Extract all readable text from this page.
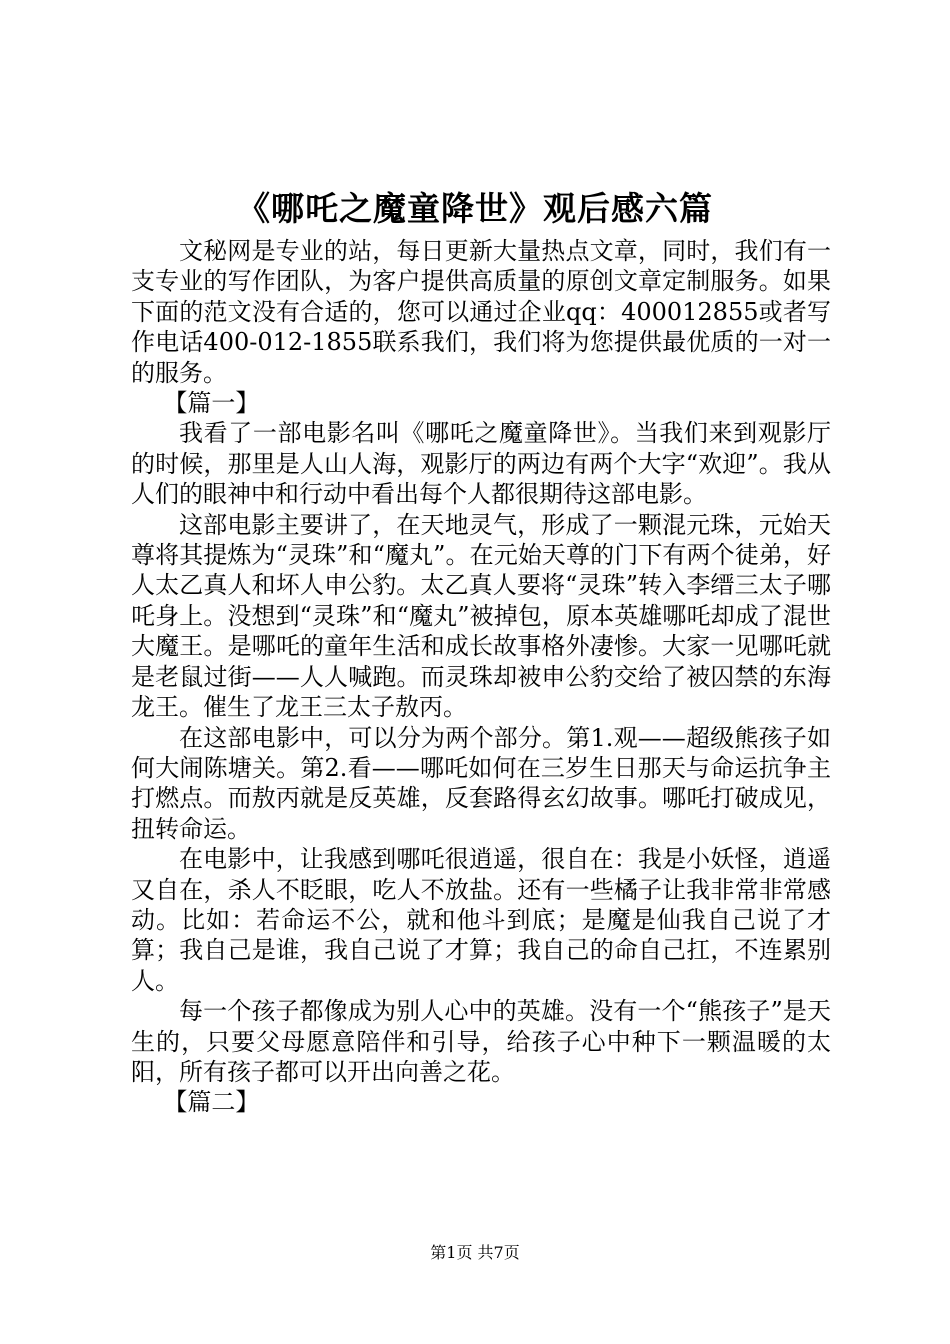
《哪吒之魔童降世》观后感六篇

文秘网是专业的站，每日更新大量热点文章，同时，我们有一支专业的写作团队，为客户提供高质量的原创文章定制服务。如果下面的范文没有合适的，您可以通过企业qq：400012855或者写作电话400-012-1855联系我们，我们将为您提供最优质的一对一的服务。

【篇一】

我看了一部电影名叫《哪吒之魔童降世》。当我们来到观影厅的时候，那里是人山人海，观影厅的两边有两个大字“欢迎”。我从人们的眼神中和行动中看出每个人都很期待这部电影。

这部电影主要讲了，在天地灵气，形成了一颗混元珠，元始天尊将其提炼为“灵珠”和“魔丸”。在元始天尊的门下有两个徒弟，好人太乙真人和坏人申公豹。太乙真人要将“灵珠”转入李缙三太子哪吒身上。没想到“灵珠”和“魔丸”被掉包，原本英雄哪吒却成了混世大魔王。是哪吒的童年生活和成长故事格外凄惨。大家一见哪吒就是老鼠过街——人人喊跑。而灵珠却被申公豹交给了被囚禁的东海龙王。催生了龙王三太子敖丙。

在这部电影中，可以分为两个部分。第1.观——超级熊孩子如何大闹陈塘关。第2.看——哪吒如何在三岁生日那天与命运抗争主打燃点。而敖丙就是反英雄，反套路得玄幻故事。哪吒打破成见，扭转命运。

在电影中，让我感到哪吒很逍遥，很自在：我是小妖怪，逍遥又自在，杀人不眨眼，吃人不放盐。还有一些橘子让我非常非常感动。比如：若命运不公，就和他斗到底；是魔是仙我自己说了才算；我自己是谁，我自己说了才算；我自己的命自己扛，不连累别人。

每一个孩子都像成为别人心中的英雄。没有一个“熊孩子”是天生的，只要父母愿意陪伴和引导，给孩子心中种下一颗温暖的太阳，所有孩子都可以开出向善之花。

【篇二】

第1页 共7页
